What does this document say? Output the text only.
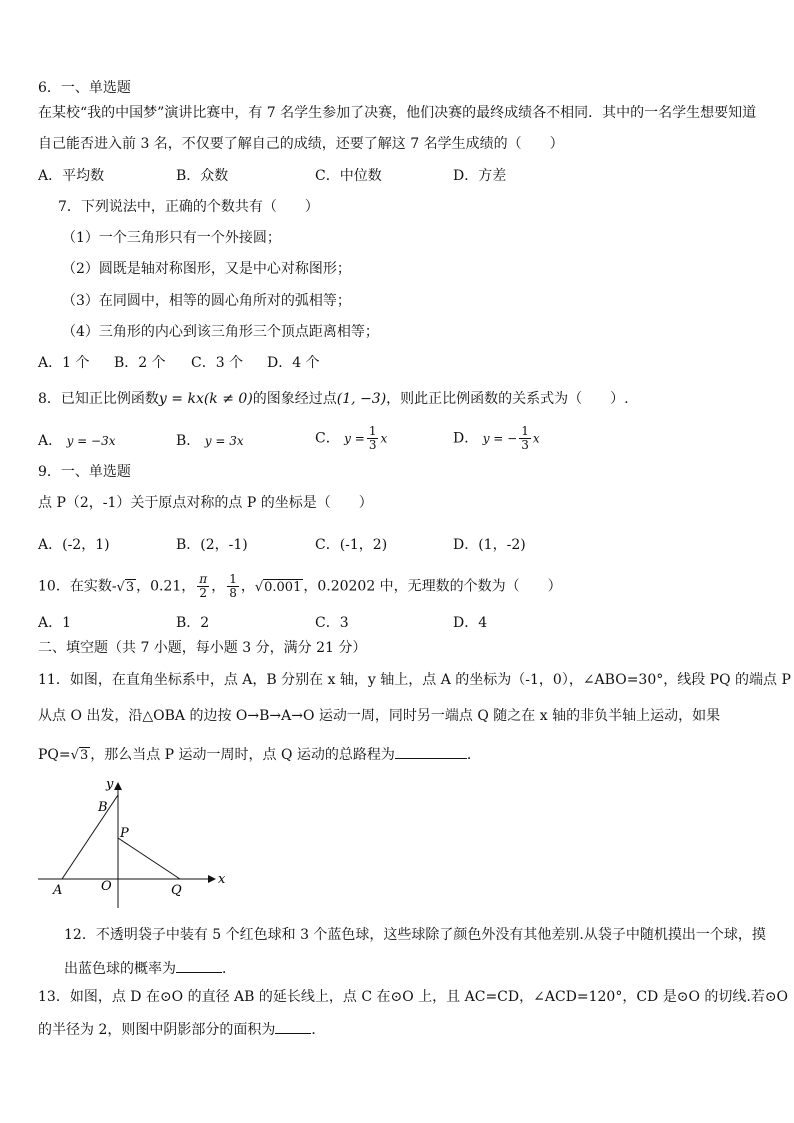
6．一、单选题
在某校“我的中国梦”演讲比赛中，有 7 名学生参加了决赛，他们决赛的最终成绩各不相同．其中的一名学生想要知道
自己能否进入前 3 名，不仅要了解自己的成绩，还要了解这 7 名学生成绩的（　　）
A．平均数	B．众数	C．中位数	D．方差
7．下列说法中，正确的个数共有（　　）
（1）一个三角形只有一个外接圆；
（2）圆既是轴对称图形，又是中心对称图形；
（3）在同圆中，相等的圆心角所对的弧相等；
（4）三角形的内心到该三角形三个顶点距离相等；
A．1 个 B．2 个 C．3 个 D．4 个
8．已知正比例函数y = kx(k ≠ 0)的图象经过点(1, −3)，则此正比例函数的关系式为（　　）.
A． y = −3x	B． y = 3x	C． $y = \frac{1}{3}$ x	D． y = − $\frac{1}{3}$ x
9．一、单选题
点 P（2，-1）关于原点对称的点 P 的坐标是（　　）
A．(-2，1)	B．(2，-1)	C．(-1，2)	D．(1，-2)
10．在实数-√3 ，0.21， $\frac{\pi}{2}$ ， $\frac{1}{8}$ ，√0.001 ，0.20202 中，无理数的个数为（　　）
A．1	B．2	C．3	D．4
二、填空题（共 7 小题，每小题 3 分，满分 21 分）
11．如图，在直角坐标系中，点 A，B 分别在 x 轴，y 轴上，点 A 的坐标为（-1，0），∠ABO=30°，线段 PQ 的端点 P
从点 O 出发，沿△OBA 的边按 O→B→A→O 运动一周，同时另一端点 Q 随之在 x 轴的非负半轴上运动，如果
PQ=√3 ，那么当点 P 运动一周时，点 Q 运动的总路程为	．
y
x
B
P
A	O	Q
12．不透明袋子中装有 5 个红色球和 3 个蓝色球，这些球除了颜色外没有其他差别.从袋子中随机摸出一个球，摸
出蓝色球的概率为	．
13．如图，点 D 在⊙O 的直径 AB 的延长线上，点 C 在⊙O 上，且 AC=CD，∠ACD=120°，CD 是⊙O 的切线.若⊙O
的半径为 2，则图中阴影部分的面积为	．
